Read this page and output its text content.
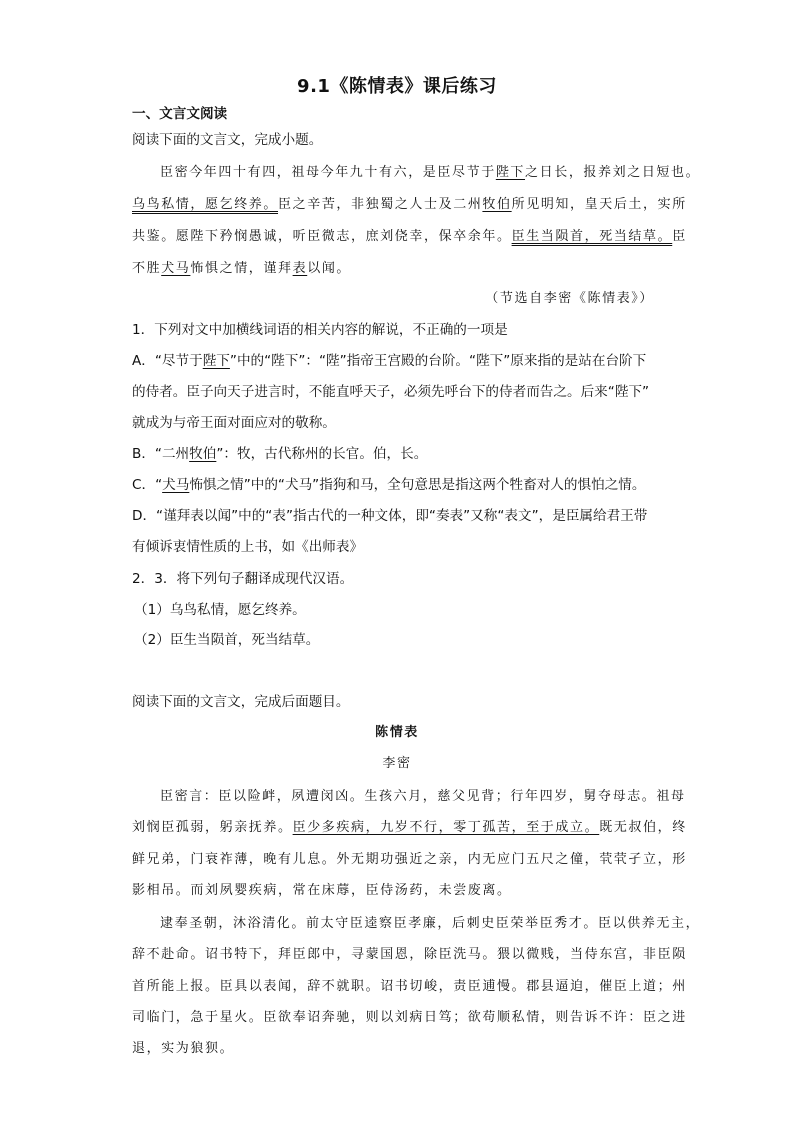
9.1《陈情表》课后练习
一、文言文阅读
阅读下面的文言文，完成小题。
臣密今年四十有四，祖母今年九十有六，是臣尽节于陛下之日长，报养刘之日短也。
乌鸟私情，愿乞终养。臣之辛苦，非独蜀之人士及二州牧伯所见明知，皇天后土，实所
共鉴。愿陛下矜悯愚诚，听臣微志，庶刘侥幸，保卒余年。臣生当陨首，死当结草。臣
不胜犬马怖惧之情，谨拜表以闻。
（节选自李密《陈情表》）
1．下列对文中加横线词语的相关内容的解说，不正确的一项是
A．“尽节于陛下”中的“陛下”：“陛”指帝王宫殿的台阶。“陛下”原来指的是站在台阶下
的侍者。臣子向天子进言时，不能直呼天子，必须先呼台下的侍者而告之。后来“陛下”
就成为与帝王面对面应对的敬称。
B．“二州牧伯”：牧，古代称州的长官。伯，长。
C．“犬马怖惧之情”中的“犬马”指狗和马，全句意思是指这两个牲畜对人的惧怕之情。
D．“谨拜表以闻”中的“表”指古代的一种文体，即“奏表”又称“表文”，是臣属给君王带
有倾诉衷情性质的上书，如《出师表》
2．3．将下列句子翻译成现代汉语。
（1）乌鸟私情，愿乞终养。
（2）臣生当陨首，死当结草。
阅读下面的文言文，完成后面题目。
陈情表
李密
臣密言：臣以险衅，夙遭闵凶。生孩六月，慈父见背；行年四岁，舅夺母志。祖母
刘悯臣孤弱，躬亲抚养。臣少多疾病，九岁不行，零丁孤苦，至于成立。既无叔伯，终
鲜兄弟，门衰祚薄，晚有儿息。外无期功强近之亲，内无应门五尺之僮，茕茕孑立，形
影相吊。而刘夙婴疾病，常在床蓐，臣侍汤药，未尝废离。
逮奉圣朝，沐浴清化。前太守臣逵察臣孝廉，后刺史臣荣举臣秀才。臣以供养无主，
辞不赴命。诏书特下，拜臣郎中，寻蒙国恩，除臣洗马。猥以微贱，当侍东宫，非臣陨
首所能上报。臣具以表闻，辞不就职。诏书切峻，责臣逋慢。郡县逼迫，催臣上道；州
司临门，急于星火。臣欲奉诏奔驰，则以刘病日笃；欲苟顺私情，则告诉不许：臣之进
退，实为狼狈。
